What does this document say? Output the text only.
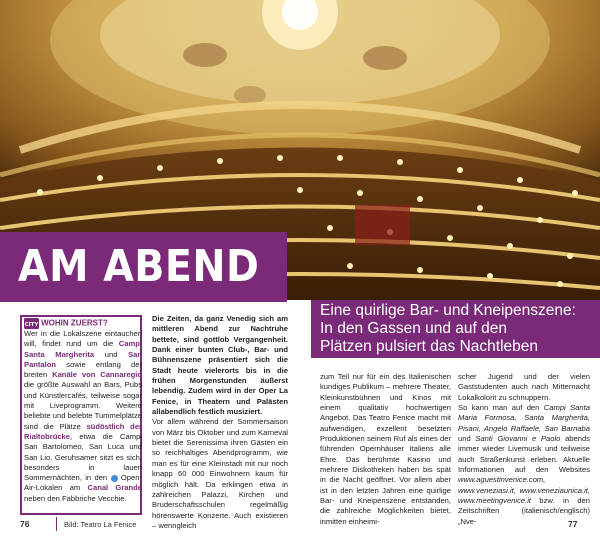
AM ABEND
Eine quirlige Bar- und Kneipenszene:
In den Gassen und auf den
Plätzen pulsiert das Nachtleben
CITY WOHIN ZUERST?
Wer in die Lokalszene eintauchen will, findet rund um die Campi Santa Margherita und San Pantalon sowie entlang der breiten Kanäle von Cannaregio die größte Auswahl an Bars, Pubs und Künstlercafés, teilweise sogar mit Liveprogramm. Weitere beliebte und belebte Tummelplätze sind die Plätze südöstlich der Rialtobrücke, etwa die Campi San Bartolomeo, San Luca und San Lio. Geruhsamer sitzt es sich, besonders in lauen Sommernächten, in den  Open-Air-Lokalen am Canal Grande neben den Fabbriche Vecchie.

Die Zeiten, da ganz Venedig sich am mittleren Abend zur Nachtruhe bettete, sind gottlob Vergangenheit. Dank einer bunten Club-, Bar- und Bühnenszene präsentiert sich die Stadt heute vielerorts bis in die frühen Morgenstunden äußerst lebendig. Zudem wird in der Oper La Fenice, in Theatern und Palästen allabendlich festlich musiziert.

Vor allem während der Sommersaison von März bis Oktober und zum Karneval bietet die Serenissima ihren Gästen ein so reichhaltiges Abendprogramm, wie man es für eine Kleinstadt mit nur noch knapp 60 000 Einwohnern kaum für möglich hält. Da erklingen etwa in zahlreichen Palazzi, Kirchen und Bruderschaftsschulen regelmäßig hörenswerte Konzerte. Auch existieren – wenngleich

zum Teil nur für ein des Italienischen kundiges Publikum – mehrere Theater, Kleinkunstbühnen und Kinos mit einem qualitativ hochwertigen Angebot. Das Teatro Fenice macht mit aufwendigen, exzellent besetzten Produktionen seinem Ruf als eines der führenden Opernhäuser Italiens alle Ehre. Das berühmte Kasino und mehrere Diskotheken haben bis spät in die Nacht geöffnet. Vor allem aber ist in den letzten Jahren eine quirlige Bar- und Kneipenszene entstanden, die zahlreiche Möglichkeiten bietet, inmitten einheimi-

scher Jugend und der vielen Gaststudenten auch nach Mitternacht Lokalkolorit zu schnuppern.

So kann man auf den Campi Santa Maria Formosa, Santa Margherita, Pisani, Angelo Raffaele, San Barnaba und Santi Giovanni e Paolo abends immer wieder Livemusik und teilweise auch Straßenkunst erleben. Aktuelle Informationen auf den Websites www.aguestinvenice.com, www.veneziasi.it, www.veneziaunica.it, www.meetingvenice.it bzw. in den Zeitschriften (italienisch/englisch) „Nve-

76	Bild: Teatro La Fenice	77
